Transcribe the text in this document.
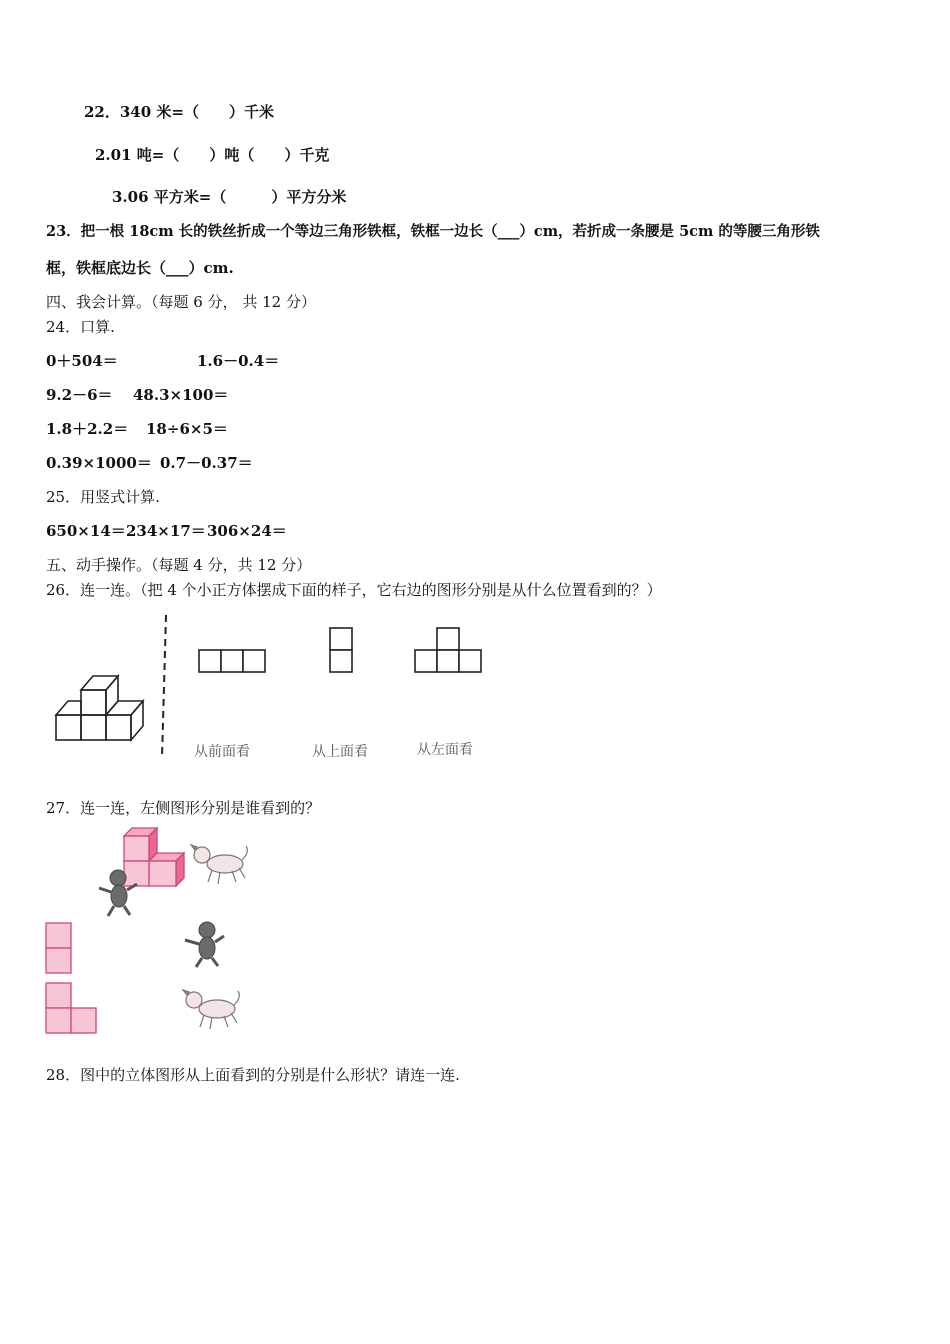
22．340 米=（　　）千米
2.01 吨=（　　）吨（　　）千克
3.06 平方米=（　　　）平方分米
23．把一根 18cm 长的铁丝折成一个等边三角形铁框，铁框一边长（___）cm，若折成一条腰是 5cm 的等腰三角形铁
框，铁框底边长（___）cm.
四、我会计算。（每题 6 分， 共 12 分）
24．口算.
0＋504＝	1.6－0.4＝
9.2－6＝ 48.3×100＝
1.8＋2.2＝ 18÷6×5＝
0.39×1000＝ 0.7－0.37＝
25．用竖式计算.
650×14＝ 234×17＝ 306×24＝
五、动手操作。（每题 4 分，共 12 分）
26．连一连。（把 4 个小正方体摆成下面的样子，它右边的图形分别是从什么位置看到的？）
从前面看	从上面看	从左面看
27．连一连，左侧图形分别是谁看到的？
28．图中的立体图形从上面看到的分别是什么形状？请连一连.
